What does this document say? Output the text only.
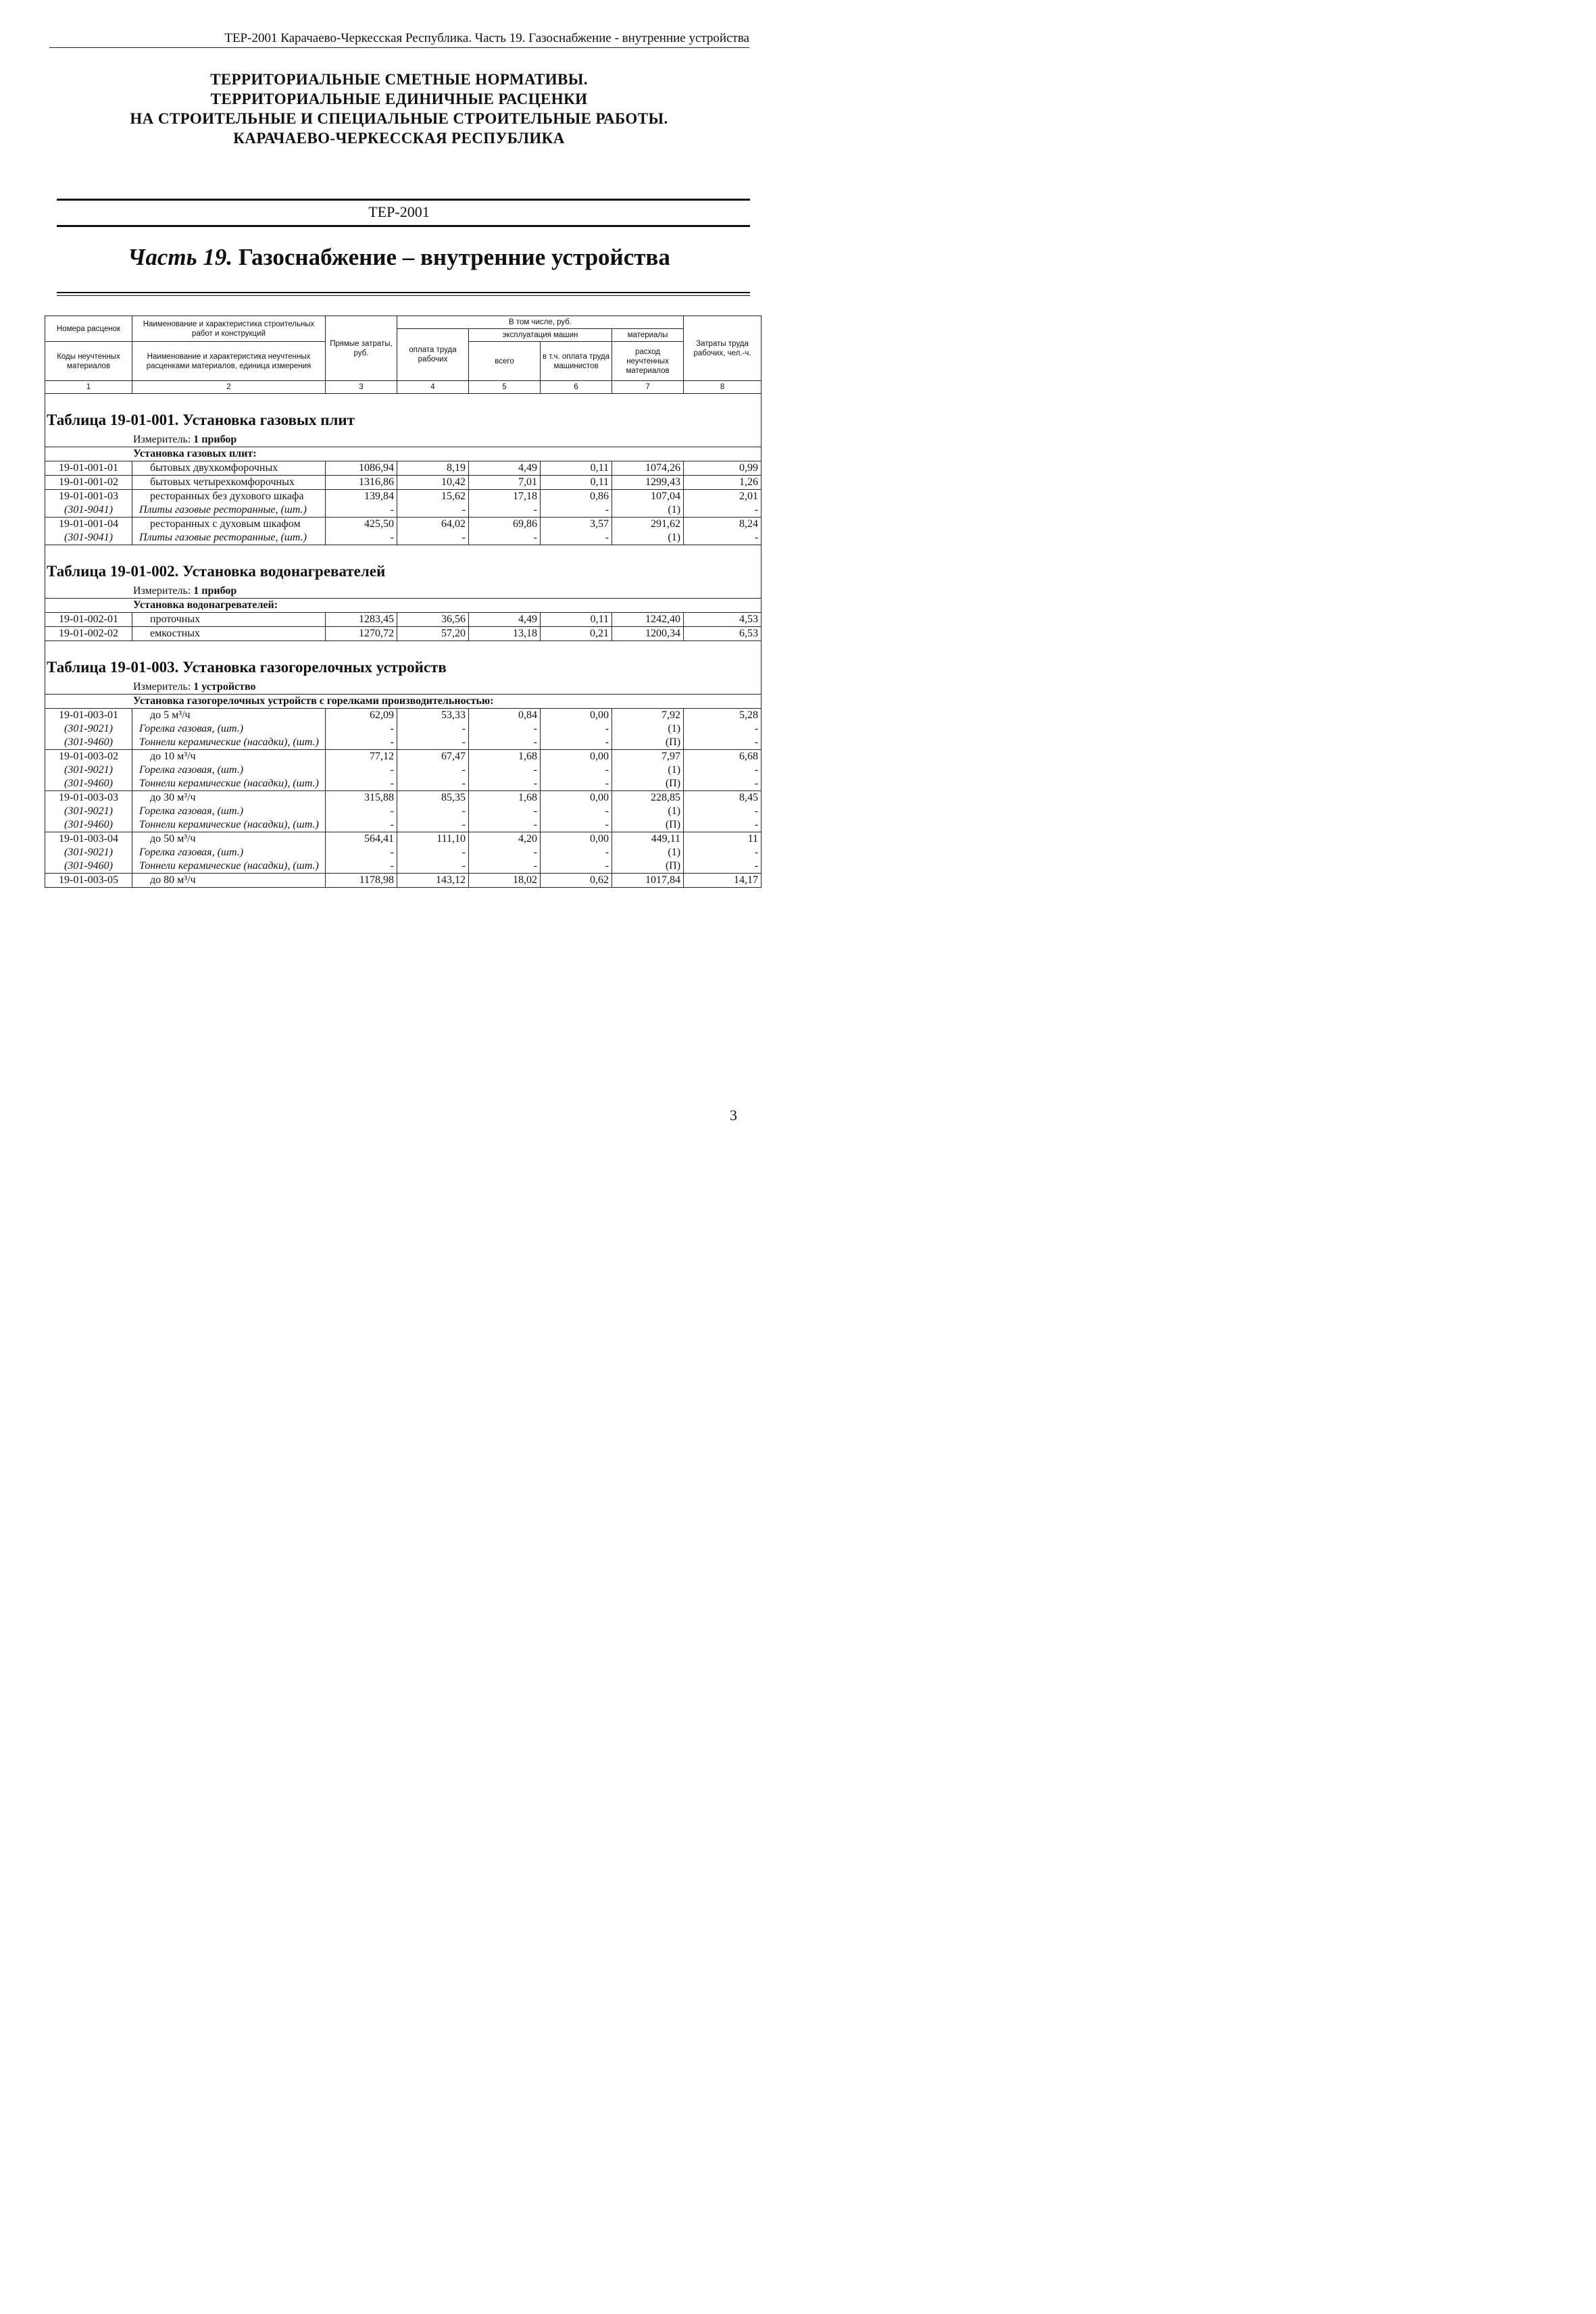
ТЕР-2001 Карачаево-Черкесская Республика. Часть 19. Газоснабжение - внутренние устройства
ТЕРРИТОРИАЛЬНЫЕ СМЕТНЫЕ НОРМАТИВЫ.
ТЕРРИТОРИАЛЬНЫЕ ЕДИНИЧНЫЕ РАСЦЕНКИ
НА СТРОИТЕЛЬНЫЕ И СПЕЦИАЛЬНЫЕ СТРОИТЕЛЬНЫЕ РАБОТЫ.
КАРАЧАЕВО-ЧЕРКЕССКАЯ РЕСПУБЛИКА
ТЕР-2001
Часть 19. Газоснабжение – внутренние устройства
Номера расценок	Наименование и характеристика строительных работ и конструкций	Прямые затраты, руб.	В том числе, руб.				Затраты труда рабочих, чел.-ч.
			оплата труда рабочих	эксплуатация машин		материалы	
Коды неучтенных материалов	Наименование и характеристика неучтенных расценками материалов, единица измерения			всего	в т.ч. оплата труда машинистов	расход неучтенных материалов	

1	2	3	4	5	6	7	8
Таблица 19-01-001. Установка газовых плит							
Измеритель: 1 прибор							
Установка газовых плит:							
19-01-001-01	бытовых двухкомфорочных	1086,94	8,19	4,49	0,11	1074,26	0,99
19-01-001-02	бытовых четырехкомфорочных	1316,86	10,42	7,01	0,11	1299,43	1,26
19-01-001-03	ресторанных без духового шкафа	139,84	15,62	17,18	0,86	107,04	2,01
(301-9041)	Плиты газовые ресторанные, (шт.)	-	-	-	-	(1)	-
19-01-001-04	ресторанных с духовым шкафом	425,50	64,02	69,86	3,57	291,62	8,24
(301-9041)	Плиты газовые ресторанные, (шт.)	-	-	-	-	(1)	-
Таблица 19-01-002. Установка водонагревателей							
Измеритель: 1 прибор							
Установка водонагревателей:							
19-01-002-01	проточных	1283,45	36,56	4,49	0,11	1242,40	4,53
19-01-002-02	емкостных	1270,72	57,20	13,18	0,21	1200,34	6,53
Таблица 19-01-003. Установка газогорелочных устройств							
Измеритель: 1 устройство							
Установка газогорелочных устройств с горелками производительностью:							
19-01-003-01	до 5 м³/ч	62,09	53,33	0,84	0,00	7,92	5,28
(301-9021)	Горелка газовая, (шт.)	-	-	-	-	(1)	-
(301-9460)	Тоннели керамические (насадки), (шт.)	-	-	-	-	(П)	-
19-01-003-02	до 10 м³/ч	77,12	67,47	1,68	0,00	7,97	6,68
(301-9021)	Горелка газовая, (шт.)	-	-	-	-	(1)	-
(301-9460)	Тоннели керамические (насадки), (шт.)	-	-	-	-	(П)	-
19-01-003-03	до 30 м³/ч	315,88	85,35	1,68	0,00	228,85	8,45
(301-9021)	Горелка газовая, (шт.)	-	-	-	-	(1)	-
(301-9460)	Тоннели керамические (насадки), (шт.)	-	-	-	-	(П)	-
19-01-003-04	до 50 м³/ч	564,41	111,10	4,20	0,00	449,11	11
(301-9021)	Горелка газовая, (шт.)	-	-	-	-	(1)	-
(301-9460)	Тоннели керамические (насадки), (шт.)	-	-	-	-	(П)	-
19-01-003-05	до 80 м³/ч	1178,98	143,12	18,02	0,62	1017,84	14,17
3
